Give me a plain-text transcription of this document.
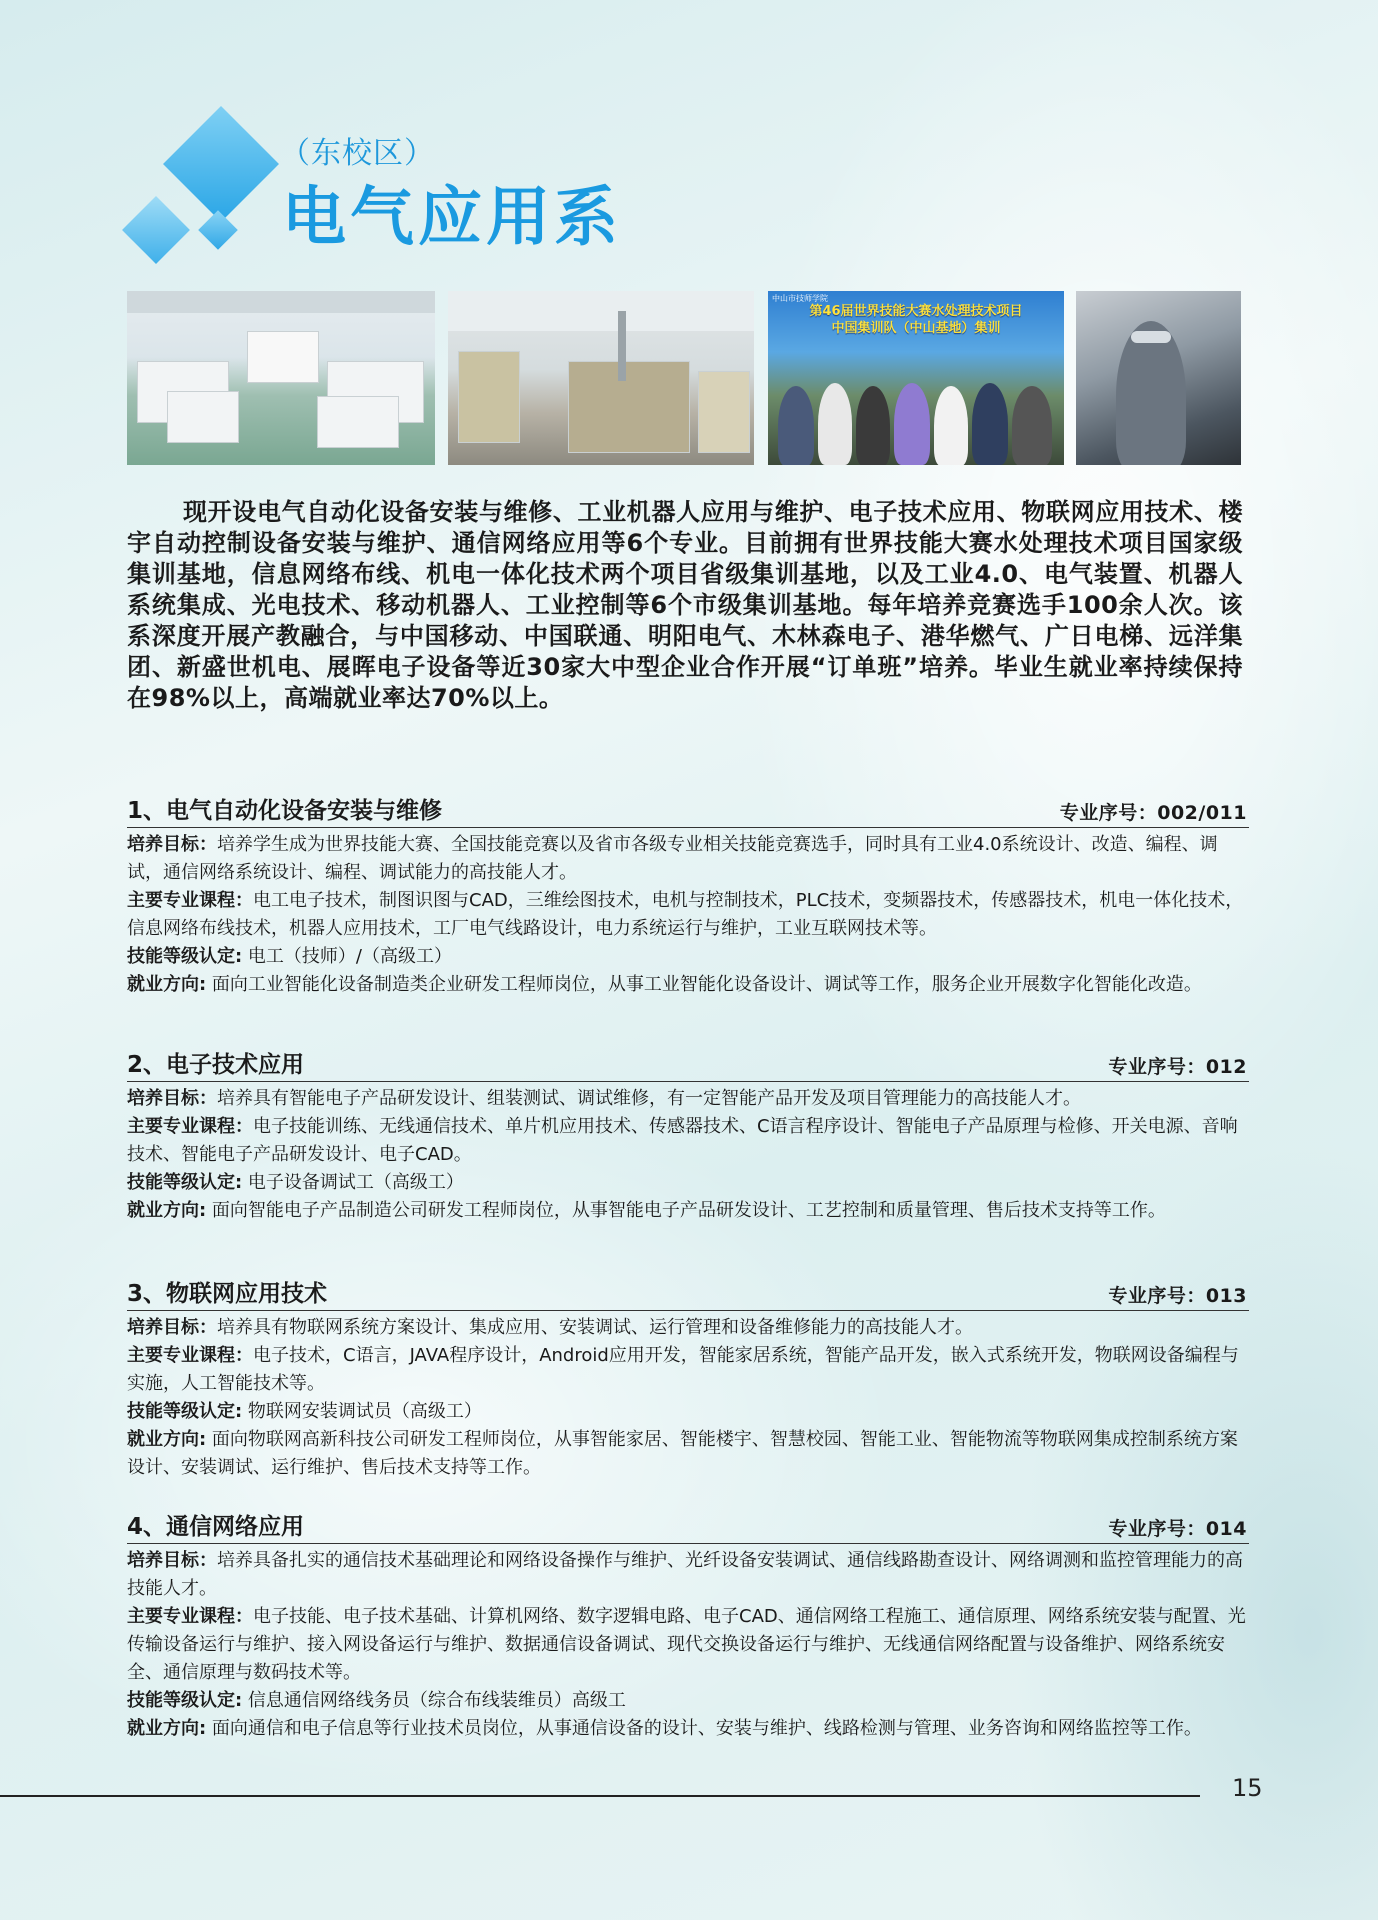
（东校区）
电气应用系
中山市技师学院
第46届世界技能大赛水处理技术项目
中国集训队（中山基地）集训
现开设电气自动化设备安装与维修、工业机器人应用与维护、电子技术应用、物联网应用技术、楼宇自动控制设备安装与维护、通信网络应用等6个专业。目前拥有世界技能大赛水处理技术项目国家级集训基地，信息网络布线、机电一体化技术两个项目省级集训基地，以及工业4.0、电气装置、机器人系统集成、光电技术、移动机器人、工业控制等6个市级集训基地。每年培养竞赛选手100余人次。该系深度开展产教融合，与中国移动、中国联通、明阳电气、木林森电子、港华燃气、广日电梯、远洋集团、新盛世机电、展晖电子设备等近30家大中型企业合作开展“订单班”培养。毕业生就业率持续保持在98%以上，高端就业率达70%以上。
1、电气自动化设备安装与维修	专业序号：002/011

培养目标：培养学生成为世界技能大赛、全国技能竞赛以及省市各级专业相关技能竞赛选手，同时具有工业4.0系统设计、改造、编程、调试，通信网络系统设计、编程、调试能力的高技能人才。

主要专业课程：电工电子技术，制图识图与CAD，三维绘图技术，电机与控制技术，PLC技术，变频器技术，传感器技术，机电一体化技术，信息网络布线技术，机器人应用技术，工厂电气线路设计，电力系统运行与维护，工业互联网技术等。

技能等级认定: 电工（技师）/（高级工）

就业方向: 面向工业智能化设备制造类企业研发工程师岗位，从事工业智能化设备设计、调试等工作，服务企业开展数字化智能化改造。

2、电子技术应用	专业序号：012

培养目标：培养具有智能电子产品研发设计、组装测试、调试维修，有一定智能产品开发及项目管理能力的高技能人才。

主要专业课程：电子技能训练、无线通信技术、单片机应用技术、传感器技术、C语言程序设计、智能电子产品原理与检修、开关电源、音响技术、智能电子产品研发设计、电子CAD。

技能等级认定: 电子设备调试工（高级工）

就业方向: 面向智能电子产品制造公司研发工程师岗位，从事智能电子产品研发设计、工艺控制和质量管理、售后技术支持等工作。

3、物联网应用技术	专业序号：013

培养目标：培养具有物联网系统方案设计、集成应用、安装调试、运行管理和设备维修能力的高技能人才。

主要专业课程：电子技术，C语言，JAVA程序设计，Android应用开发，智能家居系统，智能产品开发，嵌入式系统开发，物联网设备编程与实施，人工智能技术等。

技能等级认定: 物联网安装调试员（高级工）

就业方向: 面向物联网高新科技公司研发工程师岗位，从事智能家居、智能楼宇、智慧校园、智能工业、智能物流等物联网集成控制系统方案设计、安装调试、运行维护、售后技术支持等工作。

4、通信网络应用	专业序号：014

培养目标：培养具备扎实的通信技术基础理论和网络设备操作与维护、光纤设备安装调试、通信线路勘查设计、网络调测和监控管理能力的高技能人才。

主要专业课程：电子技能、电子技术基础、计算机网络、数字逻辑电路、电子CAD、通信网络工程施工、通信原理、网络系统安装与配置、光传输设备运行与维护、接入网设备运行与维护、数据通信设备调试、现代交换设备运行与维护、无线通信网络配置与设备维护、网络系统安全、通信原理与数码技术等。

技能等级认定: 信息通信网络线务员（综合布线装维员）高级工

就业方向: 面向通信和电子信息等行业技术员岗位，从事通信设备的设计、安装与维护、线路检测与管理、业务咨询和网络监控等工作。

15
